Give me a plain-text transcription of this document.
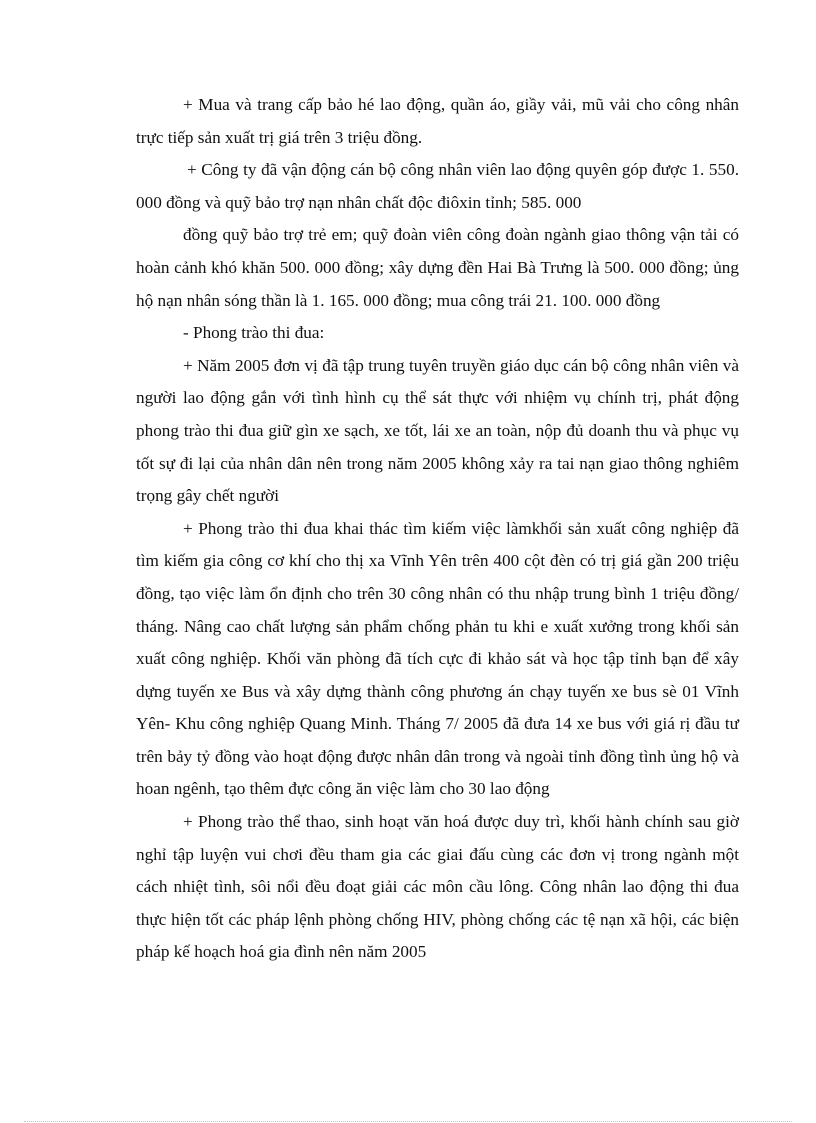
+ Mua và trang cấp bảo hé lao động, quần áo, giầy vải, mũ vải cho công nhân trực tiếp sản xuất trị giá trên 3 triệu đồng.

+ Công ty đã vận động cán bộ công nhân viên lao động quyên góp được 1. 550. 000 đồng và quỹ bảo trợ nạn nhân chất độc điôxin tỉnh; 585. 000

đồng quỹ bảo trợ trẻ em; quỹ đoàn viên công đoàn ngành giao thông vận tải có hoàn cảnh khó khăn 500. 000 đồng; xây dựng đền Hai Bà Trưng là 500. 000 đồng; ủng hộ nạn nhân sóng thần là 1. 165. 000 đồng; mua công trái 21. 100. 000 đồng

- Phong trào thi đua:

+ Năm 2005 đơn vị đã tập trung tuyên truyền giáo dục cán bộ công nhân viên và người lao động gắn với tình hình cụ thể sát thực với nhiệm vụ chính trị, phát động phong trào thi đua giữ gìn xe sạch, xe tốt, lái xe an toàn, nộp đủ doanh thu và phục vụ tốt sự đi lại của nhân dân nên trong năm 2005 không xảy ra tai nạn giao thông nghiêm trọng gây chết người

+ Phong trào thi đua khai thác tìm kiếm việc làmkhối sản xuất công nghiệp đã tìm kiếm gia công cơ khí cho thị xa Vĩnh Yên trên 400 cột đèn có trị giá gần 200 triệu đồng, tạo việc làm ổn định cho trên 30 công nhân có thu nhập trung bình 1 triệu đồng/ tháng. Nâng cao chất lượng sản phẩm chống phản tu khi e xuất xưởng trong khối sản xuất công nghiệp. Khối văn phòng đã tích cực đi khảo sát và học tập tỉnh bạn để xây dựng tuyến xe Bus và xây dựng thành công phương án chạy tuyến xe bus sè 01 Vĩnh Yên- Khu công nghiệp Quang Minh. Tháng 7/ 2005 đã đưa 14 xe bus với giá rị đầu tư trên bảy tỷ đồng vào hoạt động được nhân dân trong và ngoài tỉnh đồng tình ủng hộ và hoan ngênh, tạo thêm đực công ăn việc làm cho 30 lao động

+ Phong trào thể thao, sinh hoạt văn hoá được duy trì, khối hành chính sau giờ nghỉ tập luyện vui chơi đều tham gia các giai đấu cùng các đơn vị trong ngành một cách nhiệt tình, sôi nổi đều đoạt giải các môn cầu lông. Công nhân lao động thi đua thực hiện tốt các pháp lệnh phòng chống HIV, phòng chống các tệ nạn xã hội, các biện pháp kế hoạch hoá gia đình nên năm 2005
